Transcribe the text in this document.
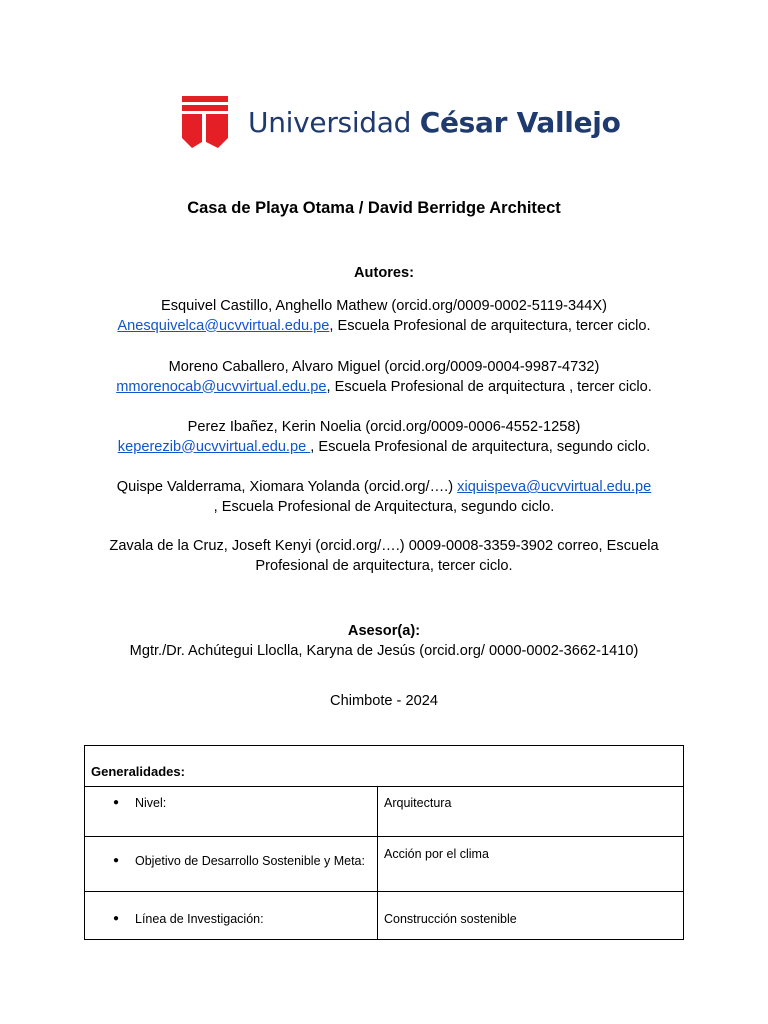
Universidad César Vallejo
Casa de Playa Otama / David Berridge Architect
Autores:
Esquivel Castillo, Anghello Mathew (orcid.org/0009-0002-5119-344X)
Anesquivelca@ucvvirtual.edu.pe, Escuela Profesional de arquitectura, tercer ciclo.
Moreno Caballero, Alvaro Miguel (orcid.org/0009-0004-9987-4732)
mmorenocab@ucvvirtual.edu.pe, Escuela Profesional de arquitectura , tercer ciclo.
Perez Ibañez, Kerin Noelia (orcid.org/0009-0006-4552-1258)
keperezib@ucvvirtual.edu.pe , Escuela Profesional de arquitectura, segundo ciclo.
Quispe Valderrama, Xiomara Yolanda (orcid.org/….) xiquispeva@ucvvirtual.edu.pe
, Escuela Profesional de Arquitectura, segundo ciclo.
Zavala de la Cruz, Joseft Kenyi (orcid.org/….) 0009-0008-3359-3902 correo, Escuela
Profesional de arquitectura, tercer ciclo.
Asesor(a):
Mgtr./Dr. Achútegui Lloclla, Karyna de Jesús (orcid.org/ 0000-0002-3662-1410)
Chimbote - 2024
Generalidades:	

● Nivel:	Arquitectura

● Objetivo de Desarrollo Sostenible y Meta:	Acción por el clima

● Línea de Investigación:	Construcción sostenible
